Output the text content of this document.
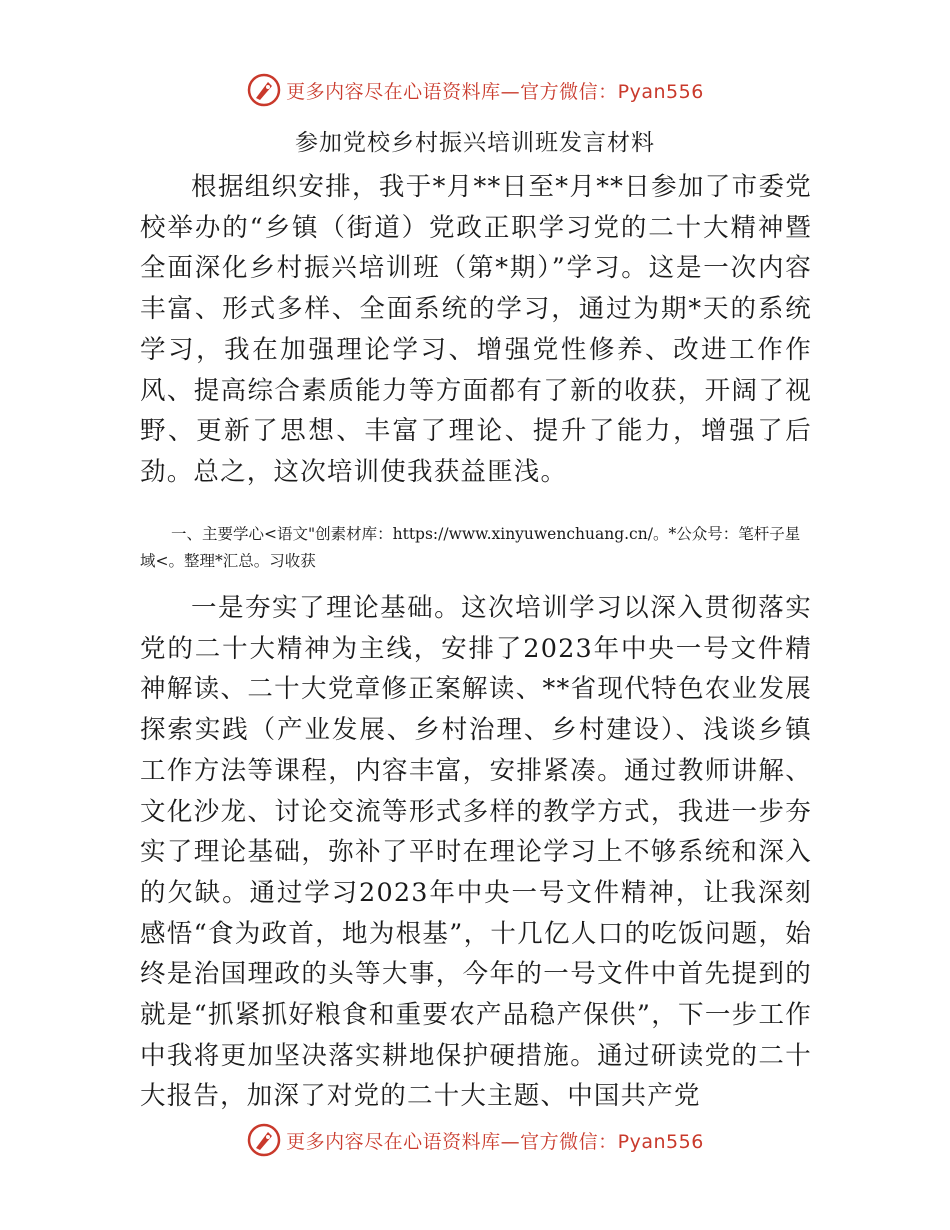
更多内容尽在心语资料库—官方微信：Pyan556
参加党校乡村振兴培训班发言材料

根据组织安排，我于*月**日至*月**日参加了市委党校举办的“乡镇（街道）党政正职学习党的二十大精神暨全面深化乡村振兴培训班（第*期）”学习。这是一次内容丰富、形式多样、全面系统的学习，通过为期*天的系统学习，我在加强理论学习、增强党性修养、改进工作作风、提高综合素质能力等方面都有了新的收获，开阔了视野、更新了思想、丰富了理论、提升了能力，增强了后劲。总之，这次培训使我获益匪浅。

一、主要学心<语文"创素材库：https://www.xinyuwenchuang.cn/。*公众号：笔杆子星域<。整理*汇总。习收获

一是夯实了理论基础。这次培训学习以深入贯彻落实党的二十大精神为主线，安排了2023年中央一号文件精神解读、二十大党章修正案解读、**省现代特色农业发展探索实践（产业发展、乡村治理、乡村建设）、浅谈乡镇工作方法等课程，内容丰富，安排紧凑。通过教师讲解、文化沙龙、讨论交流等形式多样的教学方式，我进一步夯实了理论基础，弥补了平时在理论学习上不够系统和深入的欠缺。通过学习2023年中央一号文件精神，让我深刻感悟“食为政首，地为根基”，十几亿人口的吃饭问题，始终是治国理政的头等大事，今年的一号文件中首先提到的就是“抓紧抓好粮食和重要农产品稳产保供”，下一步工作中我将更加坚决落实耕地保护硬措施。通过研读党的二十大报告，加深了对党的二十大主题、中国共产党

更多内容尽在心语资料库—官方微信：Pyan556
